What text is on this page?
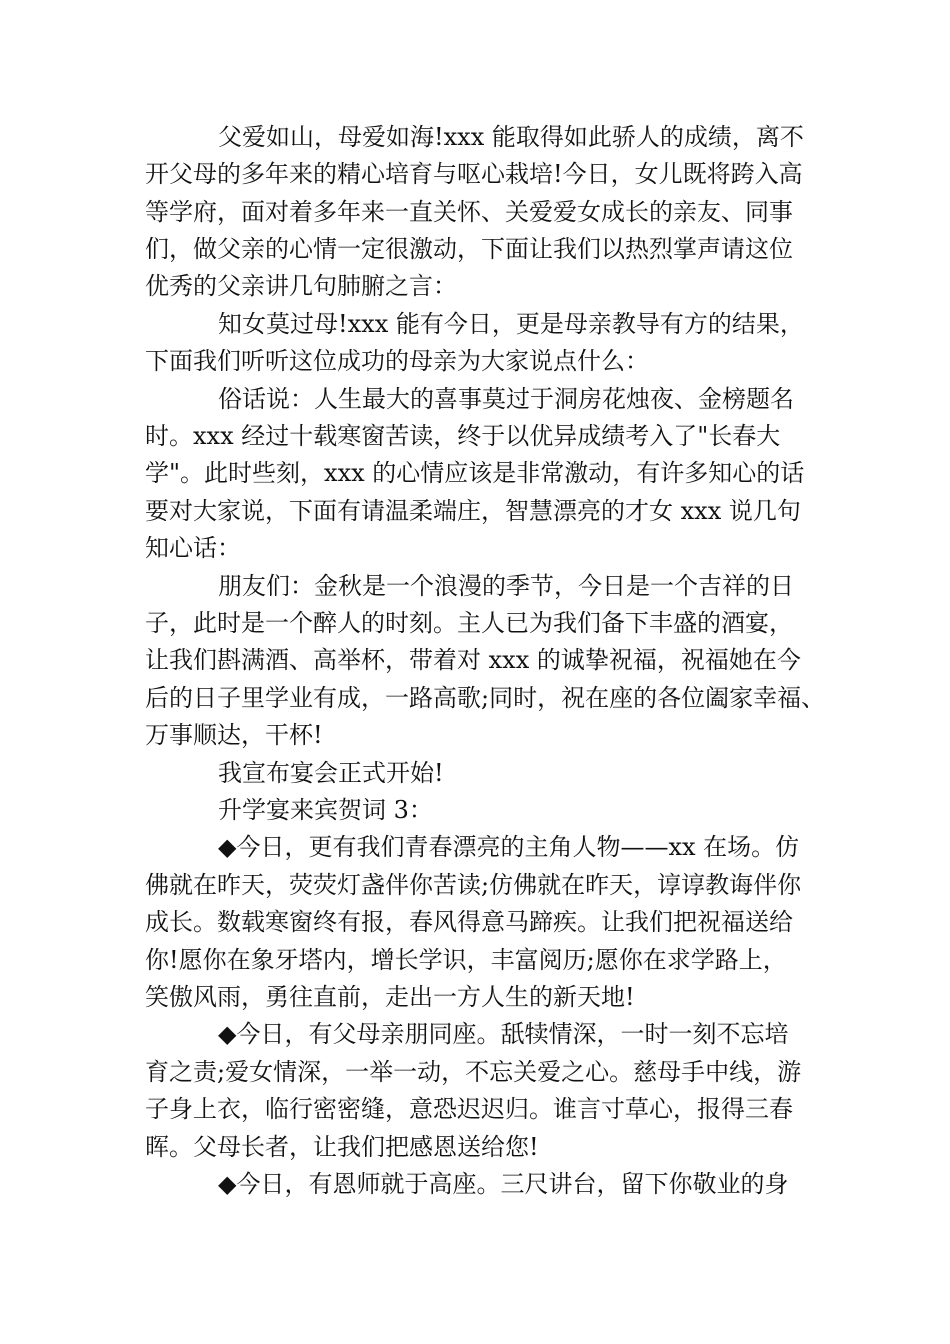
父爱如山，母爱如海!xxx 能取得如此骄人的成绩，离不
开父母的多年来的精心培育与呕心栽培!今日，女儿既将跨入高
等学府，面对着多年来一直关怀、关爱爱女成长的亲友、同事
们，做父亲的心情一定很激动，下面让我们以热烈掌声请这位
优秀的父亲讲几句肺腑之言：
知女莫过母!xxx 能有今日，更是母亲教导有方的结果，
下面我们听听这位成功的母亲为大家说点什么：
俗话说：人生最大的喜事莫过于洞房花烛夜、金榜题名
时。xxx 经过十载寒窗苦读，终于以优异成绩考入了"长春大
学"。此时些刻，xxx 的心情应该是非常激动，有许多知心的话
要对大家说，下面有请温柔端庄，智慧漂亮的才女 xxx 说几句
知心话：
朋友们：金秋是一个浪漫的季节，今日是一个吉祥的日
子，此时是一个醉人的时刻。主人已为我们备下丰盛的酒宴，
让我们斟满酒、高举杯，带着对 xxx 的诚挚祝福，祝福她在今
后的日子里学业有成，一路高歌;同时，祝在座的各位阖家幸福、
万事顺达，干杯!
我宣布宴会正式开始!
升学宴来宾贺词 3：
◆今日，更有我们青春漂亮的主角人物——xx 在场。仿
佛就在昨天，荧荧灯盏伴你苦读;仿佛就在昨天，谆谆教诲伴你
成长。数载寒窗终有报，春风得意马蹄疾。让我们把祝福送给
你!愿你在象牙塔内，增长学识，丰富阅历;愿你在求学路上，
笑傲风雨，勇往直前，走出一方人生的新天地!
◆今日，有父母亲朋同座。舐犊情深，一时一刻不忘培
育之责;爱女情深，一举一动，不忘关爱之心。慈母手中线，游
子身上衣，临行密密缝，意恐迟迟归。谁言寸草心，报得三春
晖。父母长者，让我们把感恩送给您!
◆今日，有恩师就于高座。三尺讲台，留下你敬业的身
